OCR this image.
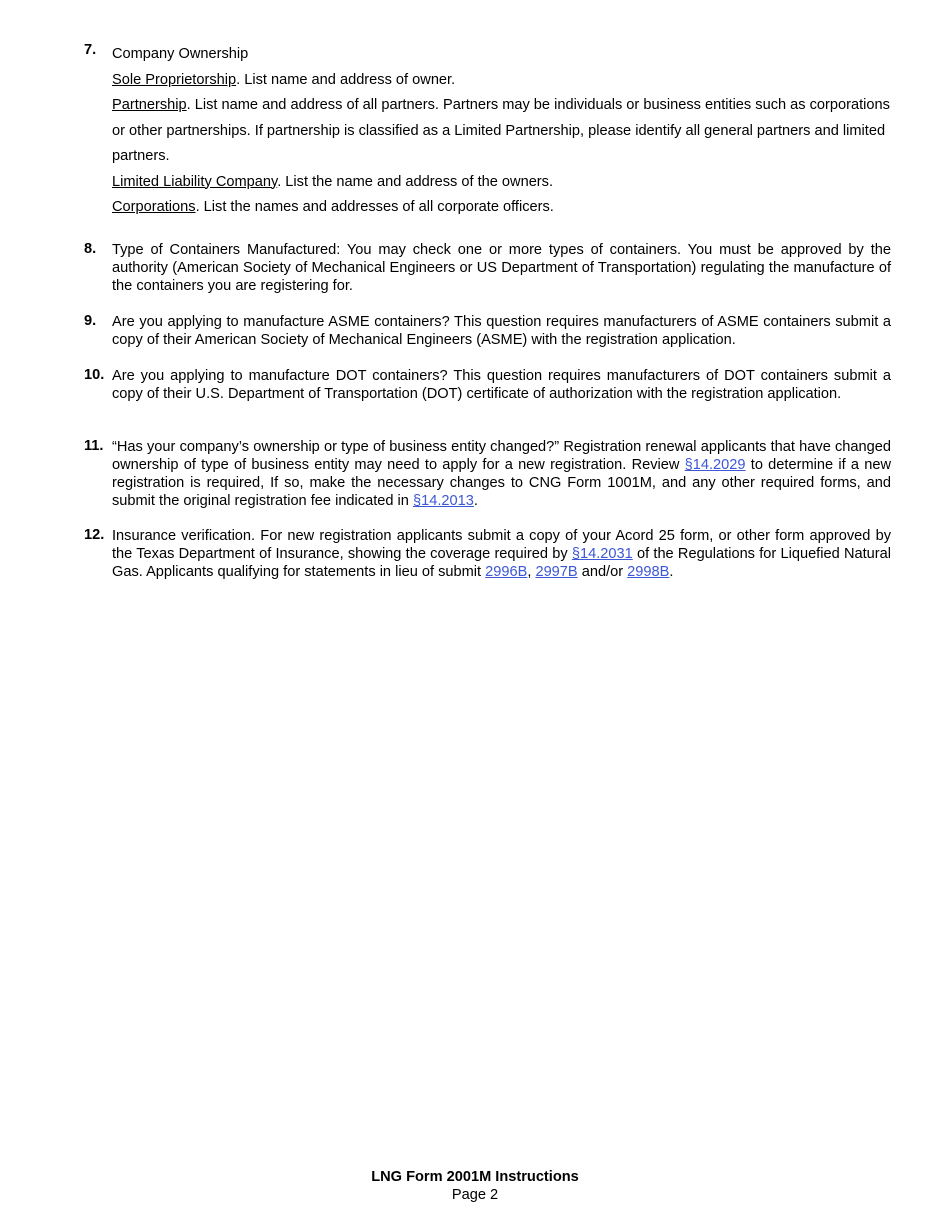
7. Company Ownership

Sole Proprietorship. List name and address of owner.

Partnership. List name and address of all partners. Partners may be individuals or business entities such as corporations or other partnerships. If partnership is classified as a Limited Partnership, please identify all general partners and limited partners.

Limited Liability Company. List the name and address of the owners.

Corporations. List the names and addresses of all corporate officers.

8. Type of Containers Manufactured: You may check one or more types of containers. You must be approved by the authority (American Society of Mechanical Engineers or US Department of Transportation) regulating the manufacture of the containers you are registering for.
9. Are you applying to manufacture ASME containers? This question requires manufacturers of ASME containers submit a copy of their American Society of Mechanical Engineers (ASME) with the registration application.
10. Are you applying to manufacture DOT containers? This question requires manufacturers of DOT containers submit a copy of their U.S. Department of Transportation (DOT) certificate of authorization with the registration application.
11. “Has your company’s ownership or type of business entity changed?” Registration renewal applicants that have changed ownership of type of business entity may need to apply for a new registration. Review §14.2029 to determine if a new registration is required, If so, make the necessary changes to CNG Form 1001M, and any other required forms, and submit the original registration fee indicated in §14.2013.
12. Insurance verification. For new registration applicants submit a copy of your Acord 25 form, or other form approved by the Texas Department of Insurance, showing the coverage required by §14.2031 of the Regulations for Liquefied Natural Gas. Applicants qualifying for statements in lieu of submit 2996B, 2997B and/or 2998B.
LNG Form 2001M Instructions
Page 2
